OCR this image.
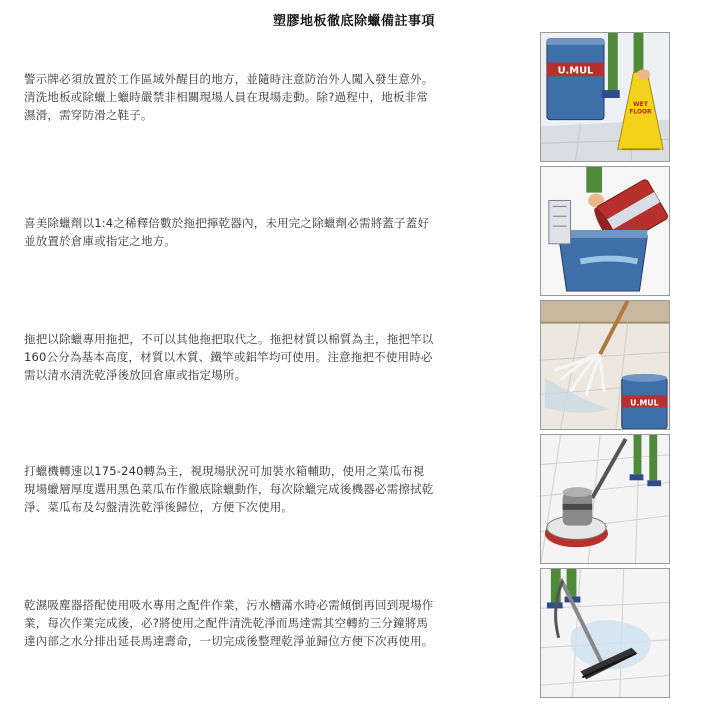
塑膠地板徹底除蠟備註事項
警示牌必須放置於工作區域外醒目的地方，並隨時注意防治外人闖入發生意外。清洗地板或除蠟上蠟時嚴禁非相關現場人員在現場走動。除?過程中，地板非常濕滑，需穿防滑之鞋子。
U.MUL
WET
FLOOR
喜美除蠟劑以1:4之稀釋倍數於拖把擰乾器內，未用完之除蠟劑必需將蓋子蓋好並放置於倉庫或指定之地方。
拖把以除蠟專用拖把，不可以其他拖把取代之。拖把材質以棉質為主，拖把竿以160公分為基本高度，材質以木質、鐵竿或鋁竿均可使用。注意拖把不使用時必需以清水清洗乾淨後放回倉庫或指定場所。
U.MUL
打蠟機轉速以175-240轉為主，視現場狀況可加裝水箱輔助，使用之菜瓜布視現場蠟層厚度選用黑色菜瓜布作徹底除蠟動作，每次除蠟完成後機器必需擦拭乾淨、菜瓜布及勾盤清洗乾淨後歸位，方便下次使用。
乾濕吸塵器搭配使用吸水專用之配件作業，污水槽滿水時必需傾倒再回到現場作業，每次作業完成後，必?將使用之配件清洗乾淨而馬達需其空轉約三分鐘將馬達內部之水分排出延長馬達壽命，一切完成後整理乾淨並歸位方便下次再使用。
